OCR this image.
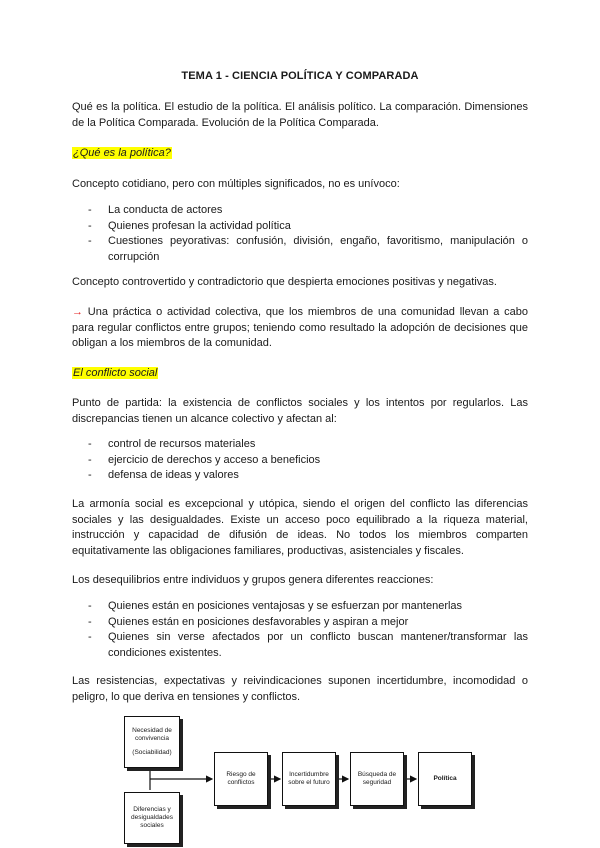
TEMA 1 - CIENCIA POLÍTICA Y COMPARADA

Qué es la política. El estudio de la política. El análisis político. La comparación. Dimensiones de la Política Comparada. Evolución de la Política Comparada.

¿Qué es la política?

Concepto cotidiano, pero con múltiples significados, no es unívoco:

- La conducta de actores
- Quienes profesan la actividad política
- Cuestiones peyorativas: confusión, división, engaño, favoritismo, manipulación o corrupción

Concepto controvertido y contradictorio que despierta emociones positivas y negativas.

→ Una práctica o actividad colectiva, que los miembros de una comunidad llevan a cabo para regular conflictos entre grupos; teniendo como resultado la adopción de decisiones que obligan a los miembros de la comunidad.

El conflicto social

Punto de partida: la existencia de conflictos sociales y los intentos por regularlos. Las discrepancias tienen un alcance colectivo y afectan al:

- control de recursos materiales
- ejercicio de derechos y acceso a beneficios
- defensa de ideas y valores

La armonía social es excepcional y utópica, siendo el origen del conflicto las diferencias sociales y las desigualdades. Existe un acceso poco equilibrado a la riqueza material, instrucción y capacidad de difusión de ideas. No todos los miembros comparten equitativamente las obligaciones familiares, productivas, asistenciales y fiscales.

Los desequilibrios entre individuos y grupos genera diferentes reacciones:

- Quienes están en posiciones ventajosas y se esfuerzan por mantenerlas
- Quienes están en posiciones desfavorables y aspiran a mejor
- Quienes sin verse afectados por un conflicto buscan mantener/transformar las condiciones existentes.

Las resistencias, expectativas y reivindicaciones suponen incertidumbre, incomodidad o peligro, lo que deriva en tensiones y conflictos.

Necesidad de convivencia
(Sociabilidad)
Riesgo de conflictos
Incertidumbre sobre el futuro
Búsqueda de seguridad
Política
Diferencias y desigualdades sociales
